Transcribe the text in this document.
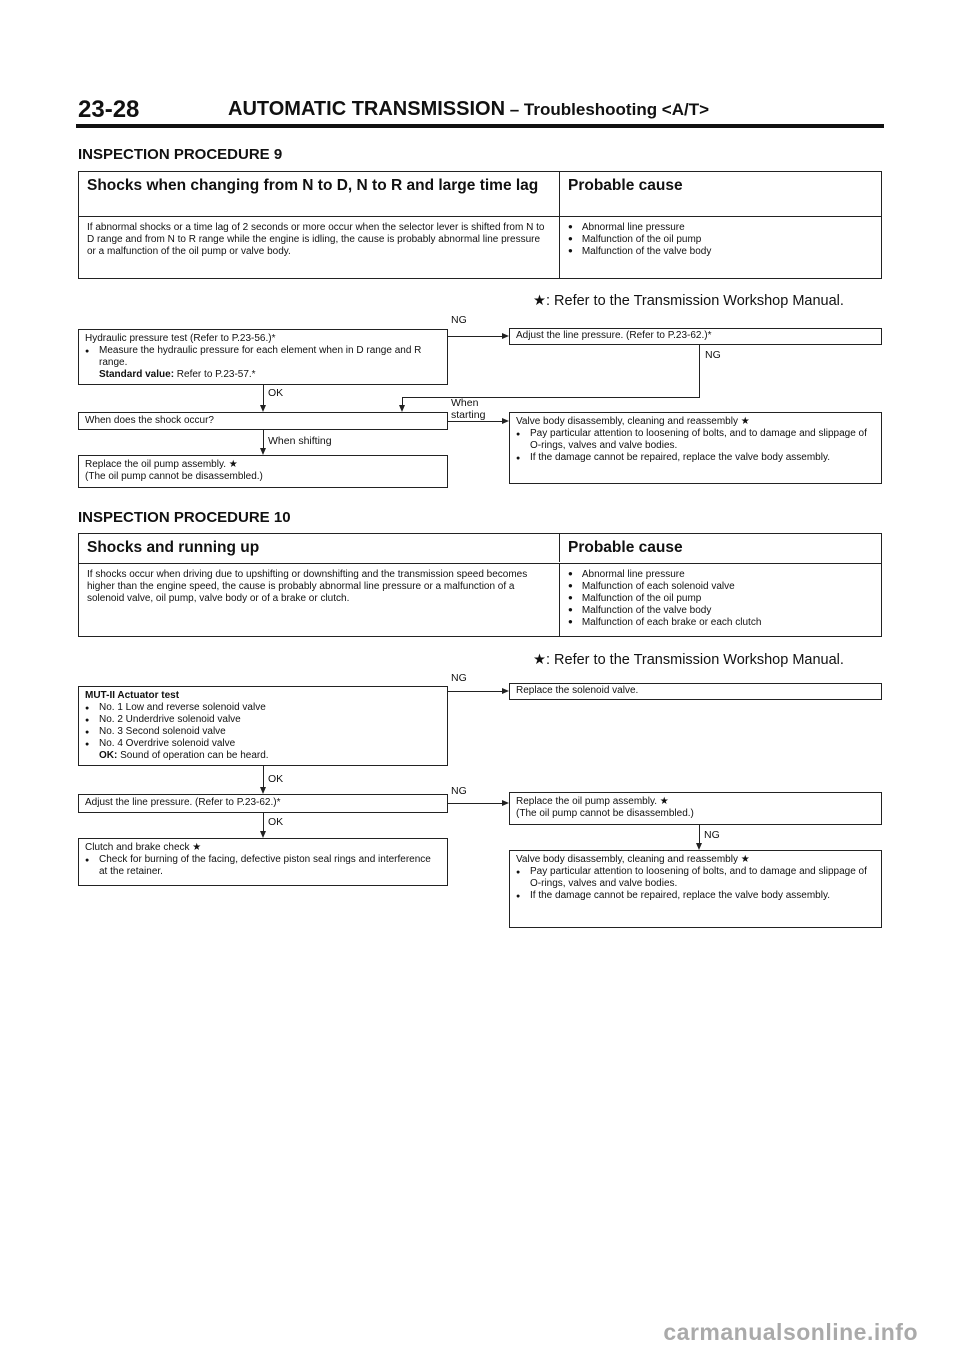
23-28	AUTOMATIC TRANSMISSION – Troubleshooting <A/T>
INSPECTION PROCEDURE 9
Shocks when changing from N to D, N to R and large time lag	Probable cause
If abnormal shocks or a time lag of 2 seconds or more occur when the selector lever is shifted from N to D range and from N to R range while the engine is idling, the cause is probably abnormal line pressure or a malfunction of the oil pump or valve body.
● Abnormal line pressure
● Malfunction of the oil pump
● Malfunction of the valve body
★: Refer to the Transmission Workshop Manual.
Hydraulic pressure test (Refer to P.23-56.)*
● Measure the hydraulic pressure for each element when in D range and R range.
Standard value: Refer to P.23-57.*
Adjust the line pressure. (Refer to P.23-62.)*
When does the shock occur?
Replace the oil pump assembly. ★
(The oil pump cannot be disassembled.)
Valve body disassembly, cleaning and reassembly ★
● Pay particular attention to loosening of bolts, and to damage and slippage of O-rings, valves and valve bodies.
● If the damage cannot be repaired, replace the valve body assembly.
NG
NG
OK
When
starting
When shifting
INSPECTION PROCEDURE 10
Shocks and running up	Probable cause
If shocks occur when driving due to upshifting or downshifting and the transmission speed becomes higher than the engine speed, the cause is probably abnormal line pressure or a malfunction of a solenoid valve, oil pump, valve body or of a brake or clutch.
● Abnormal line pressure
● Malfunction of each solenoid valve
● Malfunction of the oil pump
● Malfunction of the valve body
● Malfunction of each brake or each clutch
★: Refer to the Transmission Workshop Manual.
MUT-II Actuator test
● No. 1 Low and reverse solenoid valve
● No. 2 Underdrive solenoid valve
● No. 3 Second solenoid valve
● No. 4 Overdrive solenoid valve
OK: Sound of operation can be heard.
Replace the solenoid valve.
Adjust the line pressure. (Refer to P.23-62.)*	Replace the oil pump assembly. ★
(The oil pump cannot be disassembled.)
Clutch and brake check ★
● Check for burning of the facing, defective piston seal rings and interference at the retainer.
Valve body disassembly, cleaning and reassembly ★
● Pay particular attention to loosening of bolts, and to damage and slippage of O-rings, valves and valve bodies.
● If the damage cannot be repaired, replace the valve body assembly.
NG
OK
NG
OK
NG
carmanualsonline.info
